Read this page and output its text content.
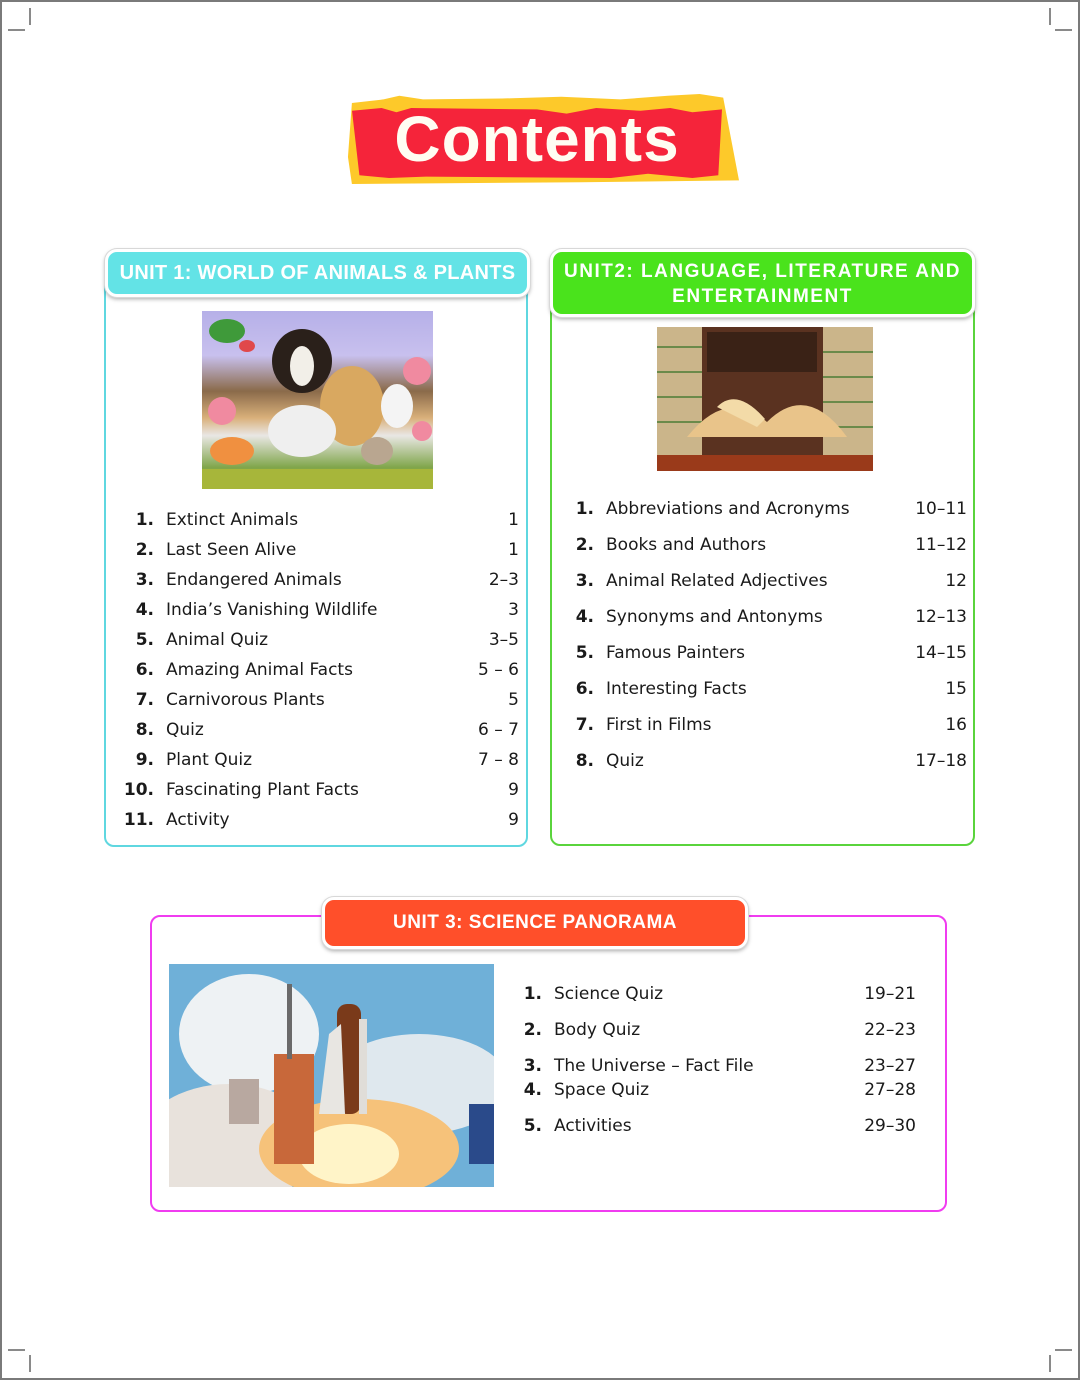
Contents
UNIT 1: WORLD OF ANIMALS & PLANTS
1. Extinct Animals	1
2. Last Seen Alive	1
3. Endangered Animals	2–3
4. India’s Vanishing Wildlife	3
5. Animal Quiz	3–5
6. Amazing Animal Facts	5 – 6
7. Carnivorous Plants	5
8. Quiz	6 – 7
9. Plant Quiz	7 – 8
10. Fascinating Plant Facts	9
11. Activity	9
UNIT2: LANGUAGE, LITERATURE AND
ENTERTAINMENT
1. Abbreviations and Acronyms	10–11
2. Books and Authors	11–12
3. Animal Related Adjectives	12
4. Synonyms and Antonyms	12–13
5. Famous Painters	14–15
6. Interesting Facts	15
7. First in Films	16
8. Quiz	17–18
UNIT 3: SCIENCE PANORAMA
1. Science Quiz	19–21
2. Body Quiz	22–23
3. The Universe – Fact File	23–27
4. Space Quiz	27–28
5. Activities	29–30
